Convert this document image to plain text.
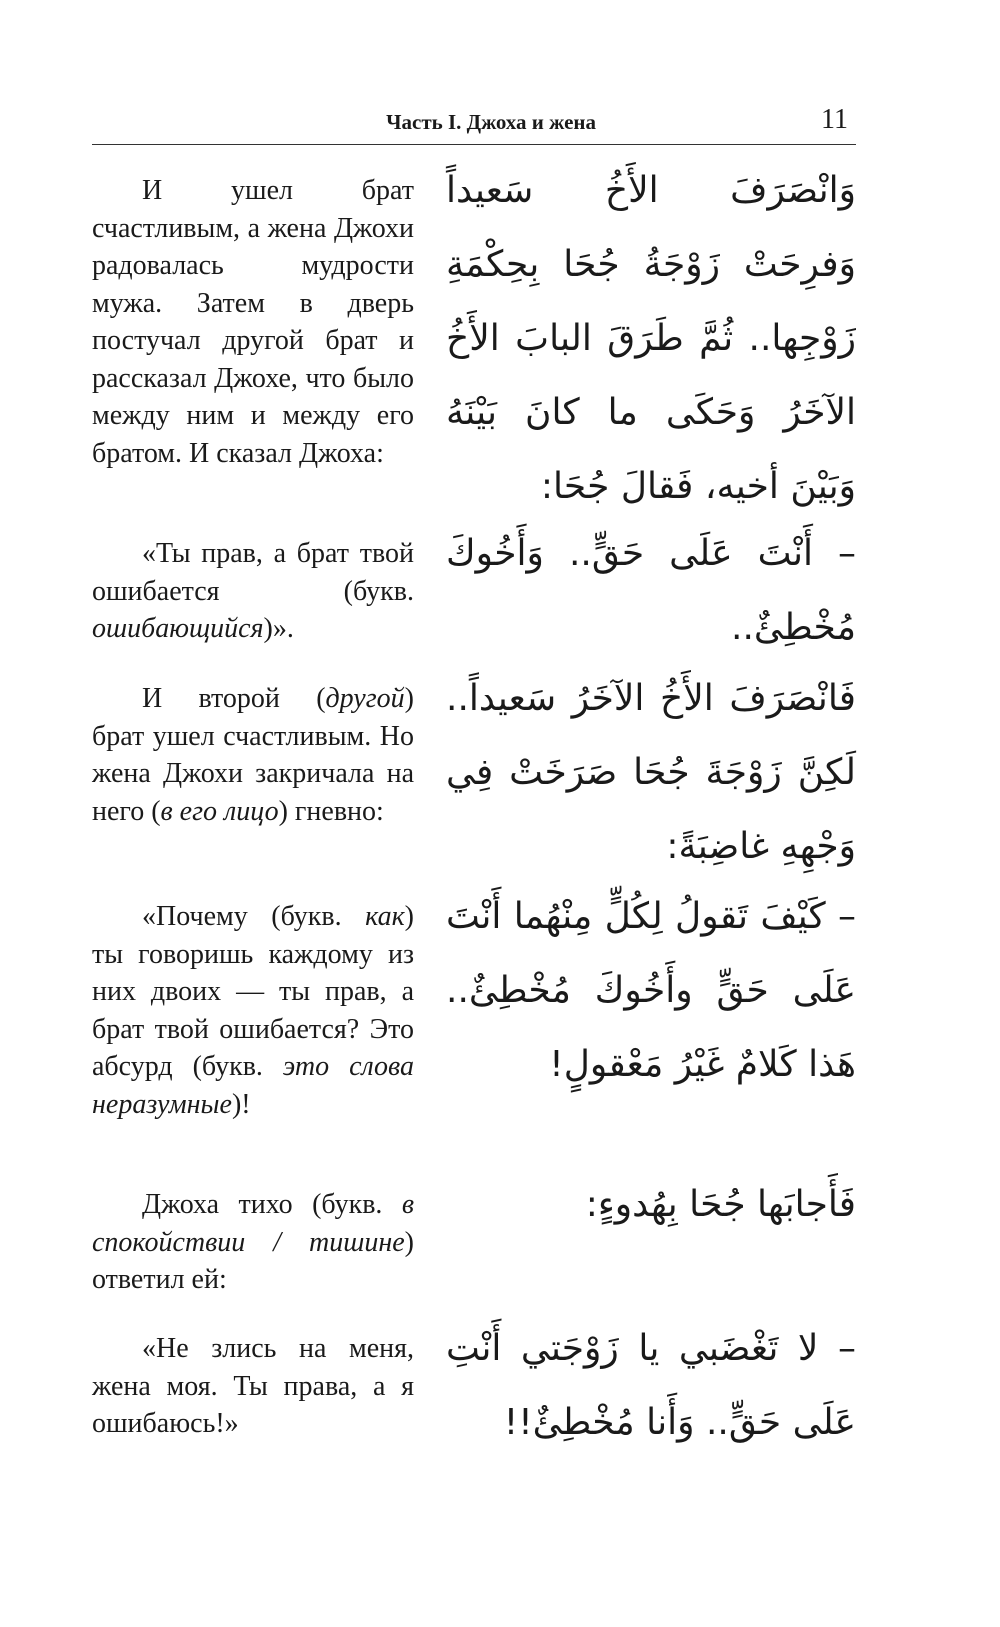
Часть I. Джоха и жена	11

И ушел брат счастливым, а жена Джохи радовалась мудрости мужа. Затем в дверь постучал другой брат и рассказал Джохе, что было между ним и между его братом. И сказал Джоха:

وَانْصَرَفَ الأَخُ سَعيداً وَفرِحَتْ زَوْجَةُ جُحَا بِحِكْمَةِ زَوْجِها.. ثُمَّ طَرَقَ البابَ الأَخُ الآخَرُ وَحَكَى ما كانَ بَيْنَهُ وَبَيْنَ أخيه، فَقالَ جُحَا:

«Ты прав, а брат твой ошибается (букв. ошибающийся)».

– أَنْتَ عَلَى حَقٍّ.. وَأَخُوكَ مُخْطِئٌ..

И второй (другой) брат ушел счастливым. Но жена Джохи закричала на него (в его лицо) гневно:

فَانْصَرَفَ الأَخُ الآخَرُ سَعيداً.. لَكِنَّ زَوْجَةَ جُحَا صَرَخَتْ فِي وَجْهِهِ غاضِبَةً:

«Почему (букв. как) ты говоришь каждому из них двоих — ты прав, а брат твой ошибается? Это абсурд (букв. это слова неразумные)!

– كَيْفَ تَقولُ لِكُلٍّ مِنْهُما أَنْتَ عَلَى حَقٍّ وأَخُوكَ مُخْطِئٌ.. هَذا كَلامٌ غَيْرُ مَعْقولٍ!

Джоха тихо (букв. в спокойствии / тишине) ответил ей:

فَأَجابَها جُحَا بِهُدوءٍ:

«Не злись на меня, жена моя. Ты права, а я ошибаюсь!»

– لا تَغْضَبي يا زَوْجَتي أَنْتِ عَلَى حَقٍّ.. وَأَنا مُخْطِئٌ!!
